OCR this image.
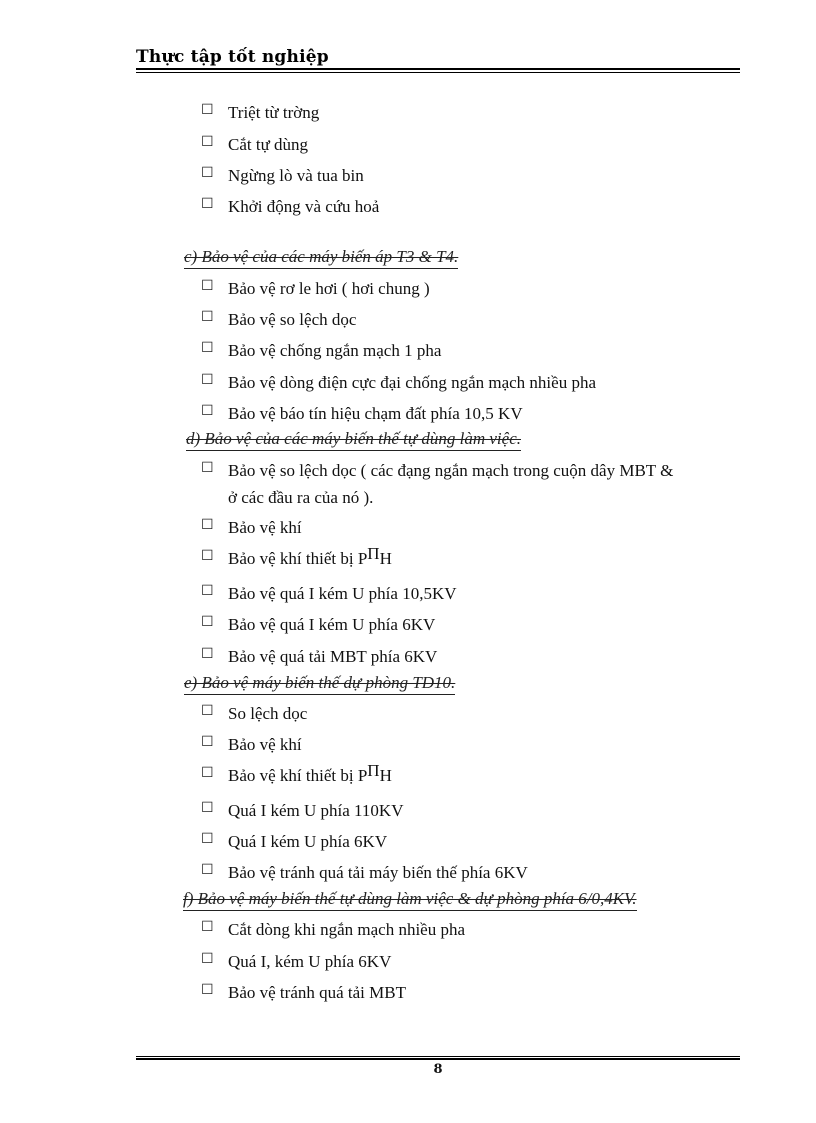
Thực tập tốt nghiệp
☐ Triệt từ trờng
☐ Cắt tự dùng
☐ Ngừng lò và tua bin
☐ Khởi động và cứu hoả
c) Bảo vệ của các máy biến áp T3 & T4.
☐ Bảo vệ rơ le hơi ( hơi chung )
☐ Bảo vệ so lệch dọc
☐ Bảo vệ chống ngắn mạch 1 pha
☐ Bảo vệ dòng điện cực đại chống ngắn mạch nhiều pha
☐ Bảo vệ báo tín hiệu chạm đất phía 10,5 KV
d) Bảo vệ của các máy biến thế tự dùng làm việc.
☐ Bảo vệ so lệch dọc ( các đạng ngắn mạch trong cuộn dây MBT &
ở các đầu ra của nó ).
☐ Bảo vệ khí
☐ Bảo vệ khí thiết bị $P^\Pi H$
☐ Bảo vệ quá I kém U phía 10,5KV
☐ Bảo vệ quá I kém U phía 6KV
☐ Bảo vệ quá tải MBT phía 6KV
e) Bảo vệ máy biến thế dự phòng TD10.
☐ So lệch dọc
☐ Bảo vệ khí
☐ Bảo vệ khí thiết bị $P^\Pi H$
☐ Quá I kém U phía 110KV
☐ Quá I kém U phía 6KV
☐ Bảo vệ tránh quá tải máy biến thế phía 6KV
f) Bảo vệ máy biến thế tự dùng làm việc & dự phòng phía 6/0,4KV.
☐ Cắt dòng khi ngắn mạch nhiều pha
☐ Quá I, kém U phía 6KV
☐ Bảo vệ tránh quá tải MBT
8
